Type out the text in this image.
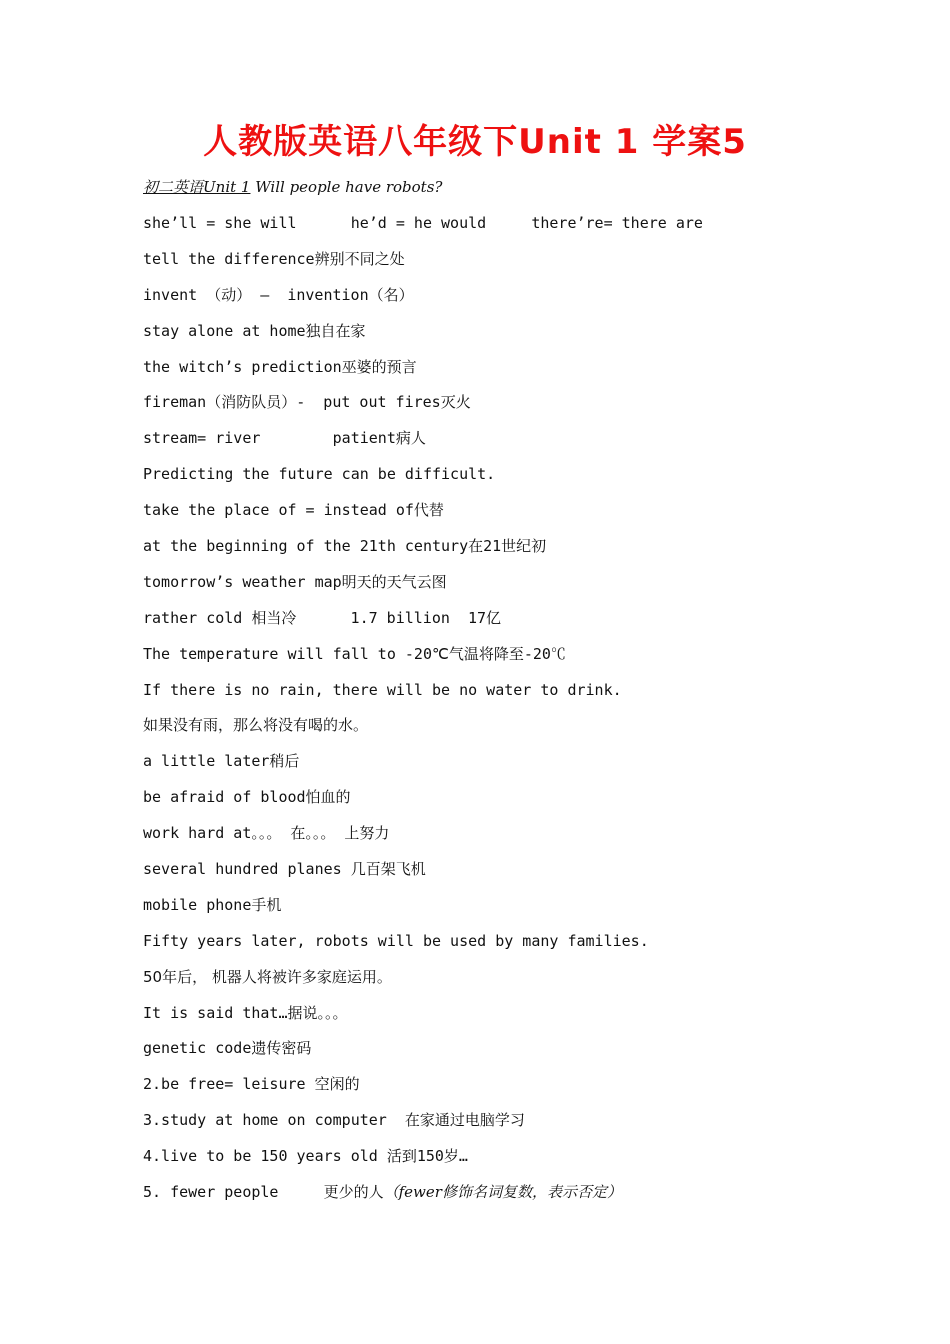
人教版英语八年级下Unit 1 学案5
初二英语Unit 1 Will people have robots?
she’ll = she will      he’d = he would     there’re= there are
tell the difference辨别不同之处
invent （动） –  invention（名）
stay alone at home独自在家
the witch’s prediction巫婆的预言
fireman（消防队员）-  put out fires灭火
stream= river        patient病人
Predicting the future can be difficult.
take the place of = instead of代替
at the beginning of the 21th century在21世纪初
tomorrow’s weather map明天的天气云图
rather cold 相当冷      1.7 billion  17亿
The temperature will fall to -20℃气温将降至-20℃
If there is no rain, there will be no water to drink.
如果没有雨，那么将没有喝的水。
a little later稍后
be afraid of blood怕血的
work hard at。。。 在。。。 上努力
several hundred planes 几百架飞机
mobile phone手机
Fifty years later, robots will be used by many families.
50年后， 机器人将被许多家庭运用。
It is said that…据说。。。
genetic code遗传密码
2.be free= leisure 空闲的
3.study at home on computer  在家通过电脑学习
4.live to be 150 years old 活到150岁…
5. fewer people     更少的人（fewer修饰名词复数，表示否定）
